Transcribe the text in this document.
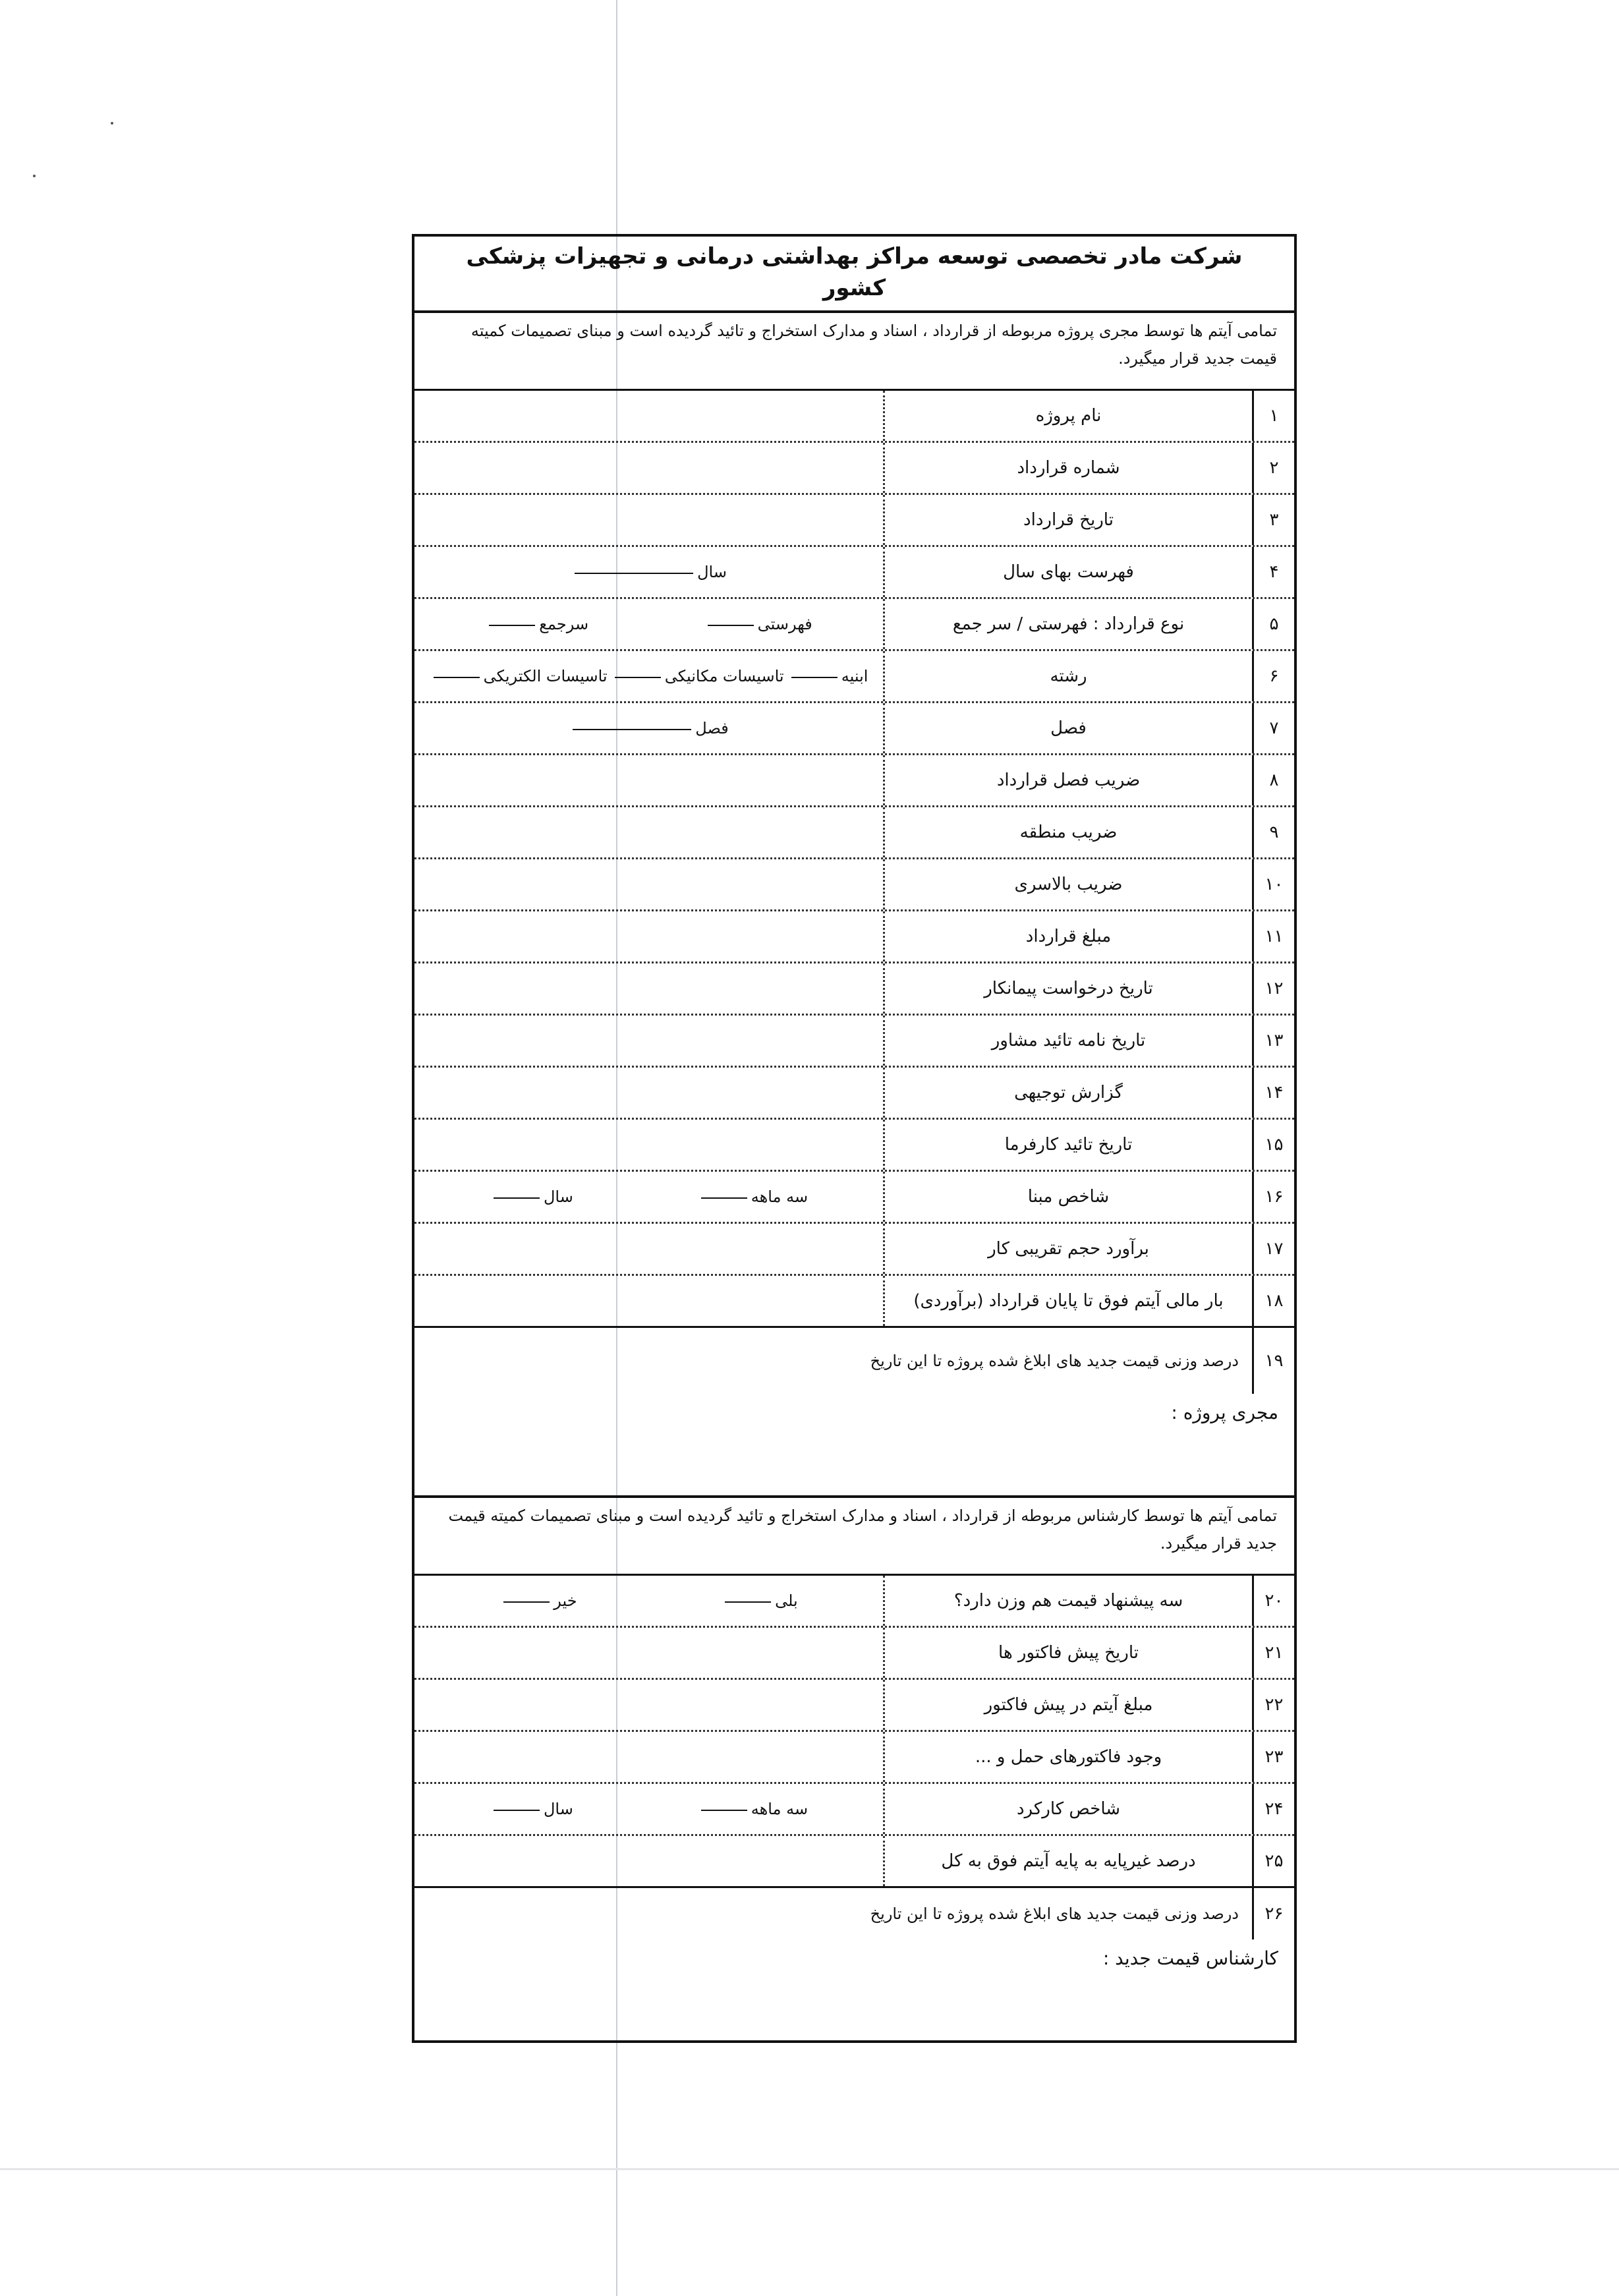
شرکت مادر تخصصی توسعه مراکز بهداشتی درمانی و تجهیزات پزشکی کشور
تمامی آیتم ها توسط مجری پروژه مربوطه از قرارداد ، اسناد و مدارک استخراج و تائید گردیده است و مبنای تصمیمات کمیته قیمت جدید قرار میگیرد.
۱
نام پروژه
۲
شماره قرارداد
۳
تاریخ قرارداد
۴
فهرست بهای سال
سال
۵
نوع قرارداد : فهرستی / سر جمع
فهرستی
سرجمع
۶
رشته
ابنیه
تاسیسات مکانیکی
تاسیسات الکتریکی
۷
فصل
فصل
۸
ضریب فصل قرارداد
۹
ضریب منطقه
۱۰
ضریب بالاسری
۱۱
مبلغ قرارداد
۱۲
تاریخ درخواست پیمانکار
۱۳
تاریخ نامه تائید مشاور
۱۴
گزارش توجیهی
۱۵
تاریخ تائید کارفرما
۱۶
شاخص مبنا
سه ماهه
سال
۱۷
برآورد حجم تقریبی کار
۱۸
بار مالی آیتم فوق تا پایان قرارداد (برآوردی)
۱۹
درصد وزنی قیمت جدید های ابلاغ شده پروژه تا این تاریخ
مجری پروژه :
تمامی آیتم ها توسط کارشناس مربوطه از قرارداد ، اسناد و مدارک استخراج و تائید گردیده است و مبنای تصمیمات کمیته قیمت جدید قرار میگیرد.
۲۰
سه پیشنهاد قیمت هم وزن دارد؟
بلی
خیر
۲۱
تاریخ پیش فاکتور ها
۲۲
مبلغ آیتم در پیش فاکتور
۲۳
وجود فاکتورهای حمل و ...
۲۴
شاخص کارکرد
سه ماهه
سال
۲۵
درصد غیرپایه به پایه آیتم فوق به کل
۲۶
درصد وزنی قیمت جدید های ابلاغ شده پروژه تا این تاریخ
کارشناس قیمت جدید :
